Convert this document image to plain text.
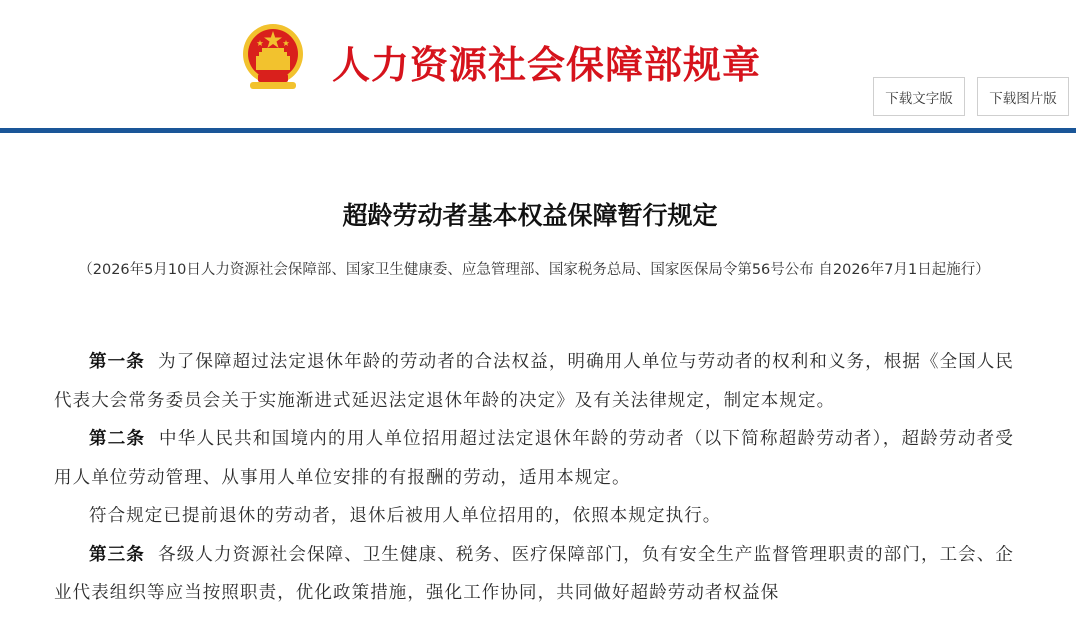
人力资源社会保障部规章
下载文字版	下载图片版
超龄劳动者基本权益保障暂行规定
（2026年5月10日人力资源社会保障部、国家卫生健康委、应急管理部、国家税务总局、国家医保局令第56号公布 自2026年7月1日起施行）

第一条 为了保障超过法定退休年龄的劳动者的合法权益，明确用人单位与劳动者的权利和义务，根据《全国人民代表大会常务委员会关于实施渐进式延迟法定退休年龄的决定》及有关法律规定，制定本规定。

第二条 中华人民共和国境内的用人单位招用超过法定退休年龄的劳动者（以下简称超龄劳动者），超龄劳动者受用人单位劳动管理、从事用人单位安排的有报酬的劳动，适用本规定。

符合规定已提前退休的劳动者，退休后被用人单位招用的，依照本规定执行。

第三条 各级人力资源社会保障、卫生健康、税务、医疗保障部门，负有安全生产监督管理职责的部门，工会、企业代表组织等应当按照职责，优化政策措施，强化工作协同，共同做好超龄劳动者权益保
